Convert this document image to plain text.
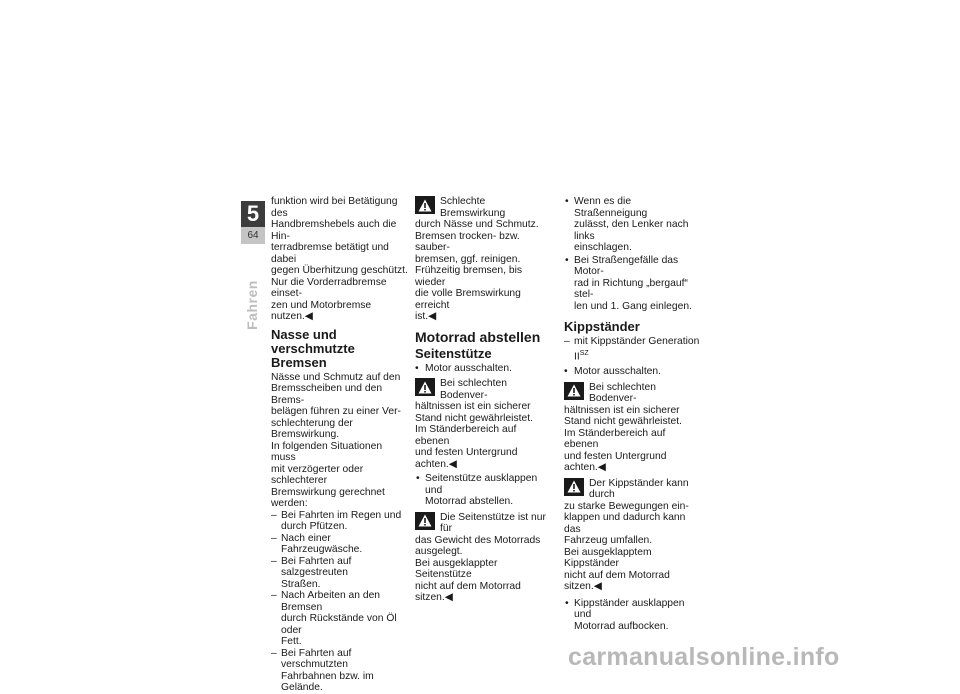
5
64
Fahren

funktion wird bei Betätigung des

Handbremshebels auch die Hin-

terradbremse betätigt und dabei

gegen Überhitzung geschützt.

Nur die Vorderradbremse einset-

zen und Motorbremse nutzen.◀

Nasse und verschmutzte
Bremsen

Nässe und Schmutz auf den

Bremsscheiben und den Brems-

belägen führen zu einer Ver-

schlechterung der Bremswirkung.

In folgenden Situationen muss

mit verzögerter oder schlechterer

Bremswirkung gerechnet werden:

– Bei Fahrten im Regen und

durch Pfützen.

– Nach einer Fahrzeugwäsche.

– Bei Fahrten auf salzgestreuten

Straßen.

– Nach Arbeiten an den Bremsen

durch Rückstände von Öl oder

Fett.

– Bei Fahrten auf verschmutzten

Fahrbahnen bzw. im Gelände.

Schlechte Bremswirkung

durch Nässe und Schmutz.

Bremsen trocken- bzw. sauber-

bremsen, ggf. reinigen.

Frühzeitig bremsen, bis wieder

die volle Bremswirkung erreicht

ist.◀

Motorrad abstellen
Seitenstütze
• Motor ausschalten.

Bei schlechten Bodenver-

hältnissen ist ein sicherer

Stand nicht gewährleistet.

Im Ständerbereich auf ebenen

und festen Untergrund achten.◀

• Seitenstütze ausklappen und

Motorrad abstellen.

Die Seitenstütze ist nur für

das Gewicht des Motorrads

ausgelegt.

Bei ausgeklappter Seitenstütze

nicht auf dem Motorrad sitzen.◀

• Wenn es die Straßenneigung

zulässt, den Lenker nach links

einschlagen.

• Bei Straßengefälle das Motor-

rad in Richtung „bergauf“ stel-

len und 1. Gang einlegen.

Kippständer
– mit Kippständer Generation $II^{SZ}$

• Motor ausschalten.

Bei schlechten Bodenver-

hältnissen ist ein sicherer

Stand nicht gewährleistet.

Im Ständerbereich auf ebenen

und festen Untergrund achten.◀

Der Kippständer kann durch

zu starke Bewegungen ein-

klappen und dadurch kann das

Fahrzeug umfallen.

Bei ausgeklapptem Kippständer

nicht auf dem Motorrad sitzen.◀

• Kippständer ausklappen und

Motorrad aufbocken.

carmanualsonline.info
